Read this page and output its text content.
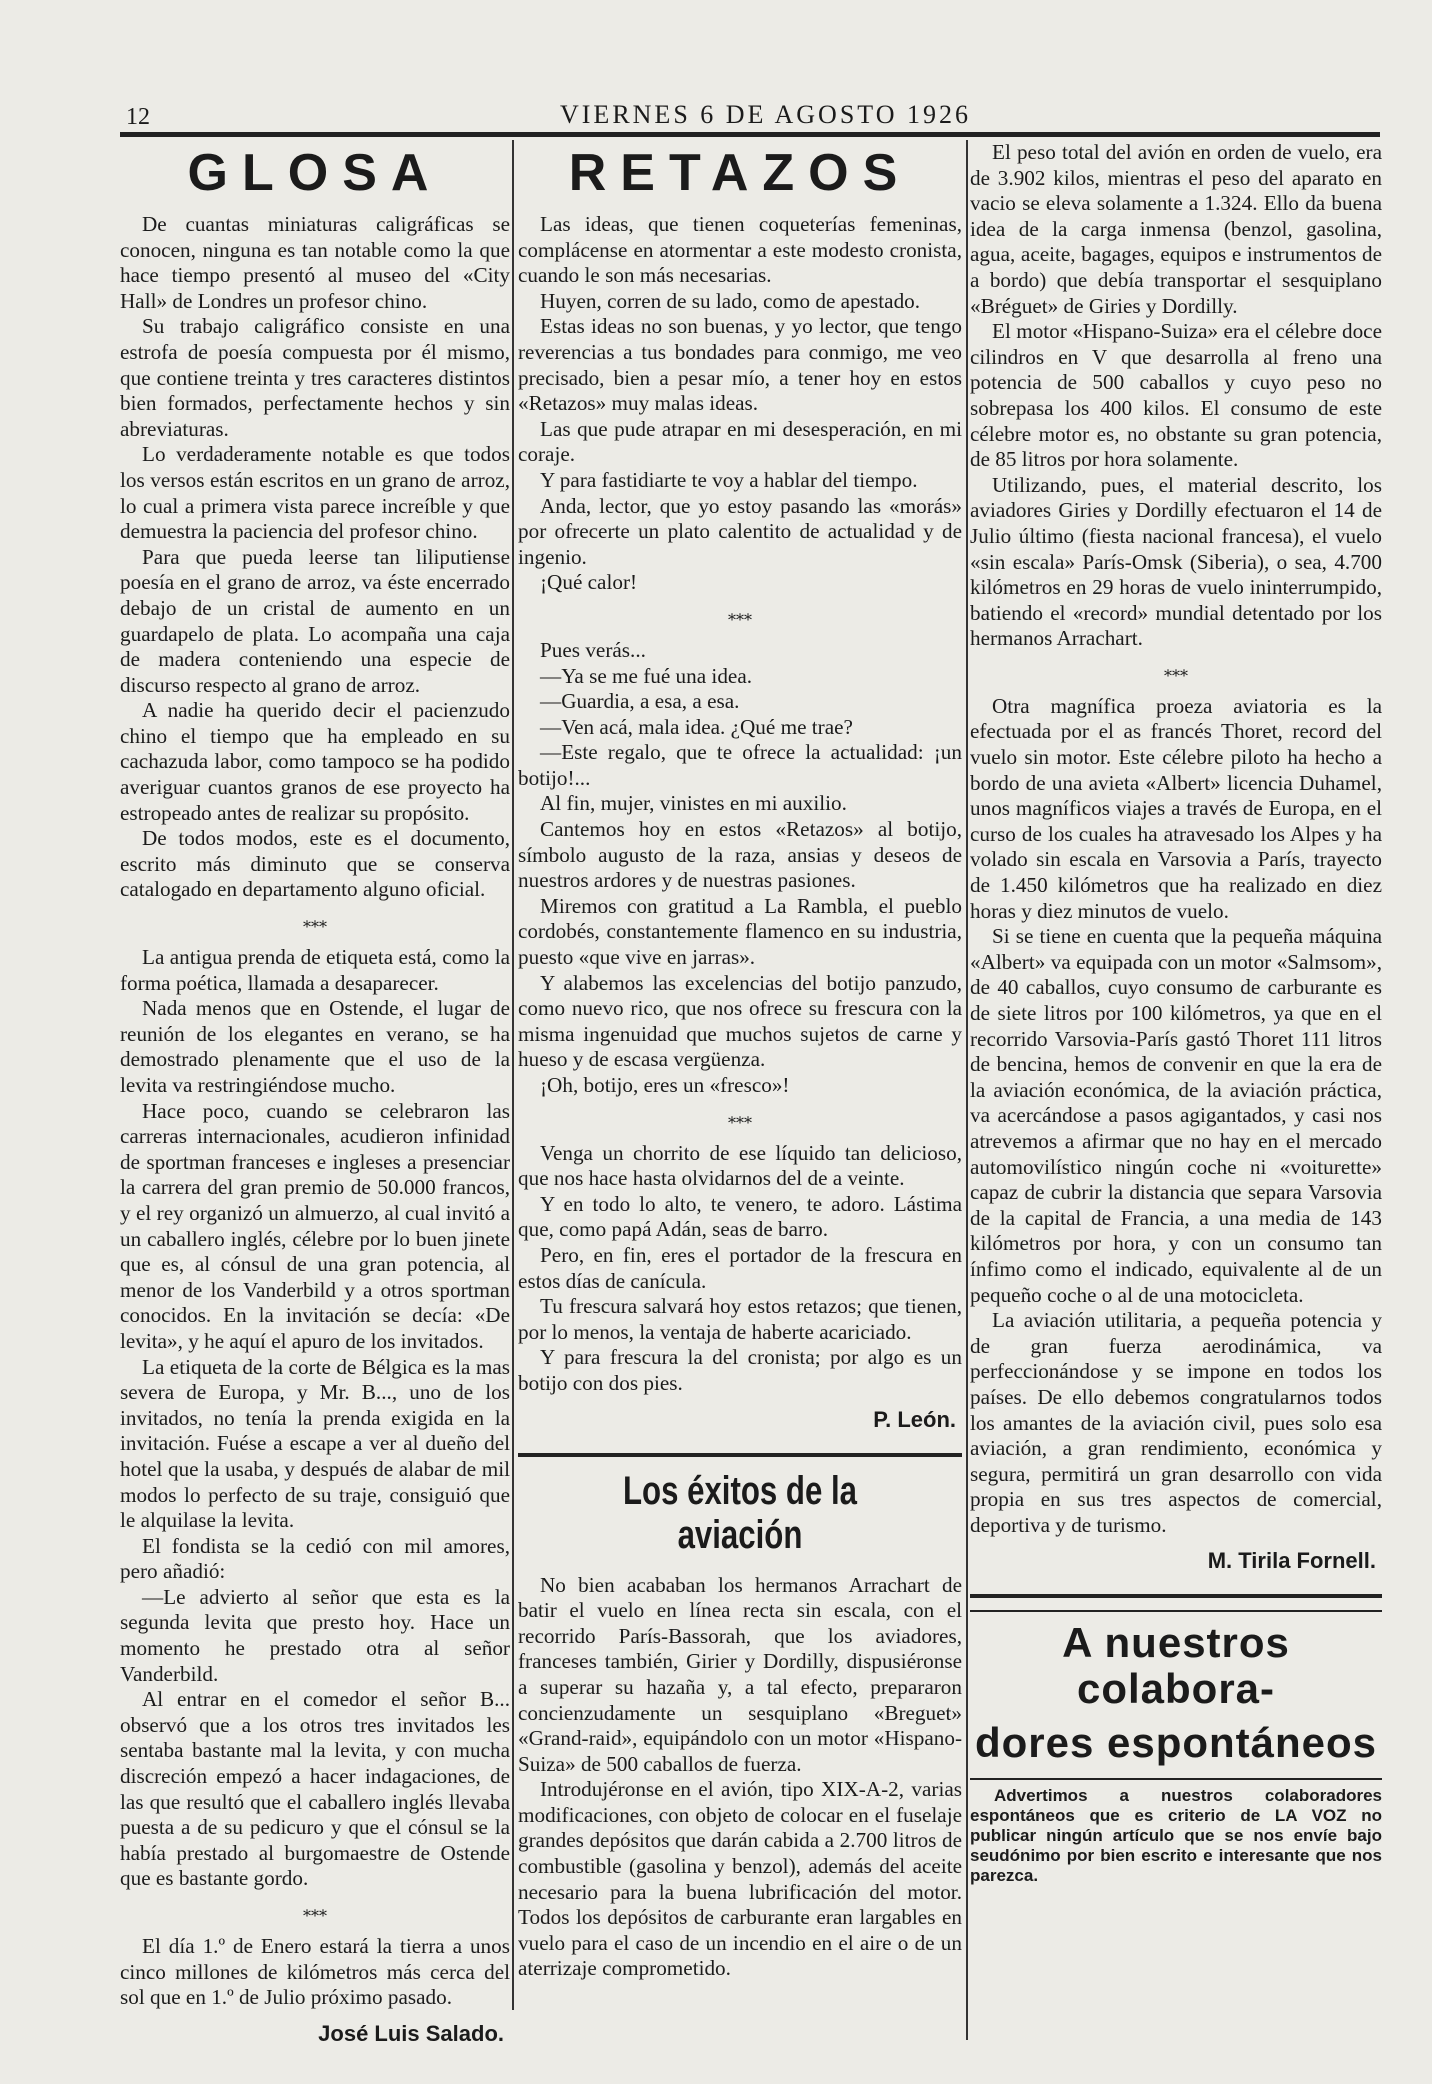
12	VIERNES 6 DE AGOSTO 1926
GLOSA

De cuantas miniaturas caligráficas se conocen, ninguna es tan notable como la que hace tiempo presentó al museo del «City Hall» de Londres un profesor chino.

Su trabajo caligráfico consiste en una estrofa de poesía compuesta por él mismo, que contiene treinta y tres caracteres distintos bien formados, perfectamente hechos y sin abreviaturas.

Lo verdaderamente notable es que todos los versos están escritos en un grano de arroz, lo cual a primera vista parece increíble y que demuestra la paciencia del profesor chino.

Para que pueda leerse tan liliputiense poesía en el grano de arroz, va éste encerrado debajo de un cristal de aumento en un guardapelo de plata. Lo acompaña una caja de madera conteniendo una especie de discurso respecto al grano de arroz.

A nadie ha querido decir el pacienzudo chino el tiempo que ha empleado en su cachazuda labor, como tampoco se ha podido averiguar cuantos granos de ese proyecto ha estropeado antes de realizar su propósito.

De todos modos, este es el documento, escrito más diminuto que se conserva catalogado en departamento alguno oficial.

⁎⁎⁎

La antigua prenda de etiqueta está, como la forma poética, llamada a desaparecer.

Nada menos que en Ostende, el lugar de reunión de los elegantes en verano, se ha demostrado plenamente que el uso de la levita va restringiéndose mucho.

Hace poco, cuando se celebraron las carreras internacionales, acudieron infinidad de sportman franceses e ingleses a presenciar la carrera del gran premio de 50.000 francos, y el rey organizó un almuerzo, al cual invitó a un caballero inglés, célebre por lo buen jinete que es, al cónsul de una gran potencia, al menor de los Vanderbild y a otros sportman conocidos. En la invitación se decía: «De levita», y he aquí el apuro de los invitados.

La etiqueta de la corte de Bélgica es la mas severa de Europa, y Mr. B..., uno de los invitados, no tenía la prenda exigida en la invitación. Fuése a escape a ver al dueño del hotel que la usaba, y después de alabar de mil modos lo perfecto de su traje, consiguió que le alquilase la levita.

El fondista se la cedió con mil amores, pero añadió:

—Le advierto al señor que esta es la segunda levita que presto hoy. Hace un momento he prestado otra al señor Vanderbild.

Al entrar en el comedor el señor B... observó que a los otros tres invitados les sentaba bastante mal la levita, y con mucha discreción empezó a hacer indagaciones, de las que resultó que el caballero inglés llevaba puesta a de su pedicuro y que el cónsul se la había prestado al burgomaestre de Ostende que es bastante gordo.

⁎⁎⁎

El día 1.º de Enero estará la tierra a unos cinco millones de kilómetros más cerca del sol que en 1.º de Julio próximo pasado.

José Luis Salado.
RETAZOS

Las ideas, que tienen coqueterías femeninas, complácense en atormentar a este modesto cronista, cuando le son más necesarias.

Huyen, corren de su lado, como de apestado.

Estas ideas no son buenas, y yo lector, que tengo reverencias a tus bondades para conmigo, me veo precisado, bien a pesar mío, a tener hoy en estos «Retazos» muy malas ideas.

Las que pude atrapar en mi desesperación, en mi coraje.

Y para fastidiarte te voy a hablar del tiempo.

Anda, lector, que yo estoy pasando las «morás» por ofrecerte un plato calentito de actualidad y de ingenio.

¡Qué calor!

⁎⁎⁎

Pues verás...

—Ya se me fué una idea.

—Guardia, a esa, a esa.

—Ven acá, mala idea. ¿Qué me trae?

—Este regalo, que te ofrece la actualidad: ¡un botijo!...

Al fin, mujer, vinistes en mi auxilio.

Cantemos hoy en estos «Retazos» al botijo, símbolo augusto de la raza, ansias y deseos de nuestros ardores y de nuestras pasiones.

Miremos con gratitud a La Rambla, el pueblo cordobés, constantemente flamenco en su industria, puesto «que vive en jarras».

Y alabemos las excelencias del botijo panzudo, como nuevo rico, que nos ofrece su frescura con la misma ingenuidad que muchos sujetos de carne y hueso y de escasa vergüenza.

¡Oh, botijo, eres un «fresco»!

⁎⁎⁎

Venga un chorrito de ese líquido tan delicioso, que nos hace hasta olvidarnos del de a veinte.

Y en todo lo alto, te venero, te adoro. Lástima que, como papá Adán, seas de barro.

Pero, en fin, eres el portador de la frescura en estos días de canícula.

Tu frescura salvará hoy estos retazos; que tienen, por lo menos, la ventaja de haberte acariciado.

Y para frescura la del cronista; por algo es un botijo con dos pies.

P. León.
Los éxitos de la aviación

No bien acababan los hermanos Arrachart de batir el vuelo en línea recta sin escala, con el recorrido París-Bassorah, que los aviadores, franceses también, Girier y Dordilly, dispusiéronse a superar su hazaña y, a tal efecto, prepararon concienzudamente un sesquiplano «Breguet» «Grand-raid», equipándolo con un motor «Hispano-Suiza» de 500 caballos de fuerza.

Introdujéronse en el avión, tipo XIX-A-2, varias modificaciones, con objeto de colocar en el fuselaje grandes depósitos que darán cabida a 2.700 litros de combustible (gasolina y benzol), además del aceite necesario para la buena lubrificación del motor. Todos los depósitos de carburante eran largables en vuelo para el caso de un incendio en el aire o de un aterrizaje comprometido.

El peso total del avión en orden de vuelo, era de 3.902 kilos, mientras el peso del aparato en vacio se eleva solamente a 1.324. Ello da buena idea de la carga inmensa (benzol, gasolina, agua, aceite, bagages, equipos e instrumentos de a bordo) que debía transportar el sesquiplano «Bréguet» de Giries y Dordilly.

El motor «Hispano-Suiza» era el célebre doce cilindros en V que desarrolla al freno una potencia de 500 caballos y cuyo peso no sobrepasa los 400 kilos. El consumo de este célebre motor es, no obstante su gran potencia, de 85 litros por hora solamente.

Utilizando, pues, el material descrito, los aviadores Giries y Dordilly efectuaron el 14 de Julio último (fiesta nacional francesa), el vuelo «sin escala» París-Omsk (Siberia), o sea, 4.700 kilómetros en 29 horas de vuelo ininterrumpido, batiendo el «record» mundial detentado por los hermanos Arrachart.

⁎⁎⁎

Otra magnífica proeza aviatoria es la efectuada por el as francés Thoret, record del vuelo sin motor. Este célebre piloto ha hecho a bordo de una avieta «Albert» licencia Duhamel, unos magníficos viajes a través de Europa, en el curso de los cuales ha atravesado los Alpes y ha volado sin escala en Varsovia a París, trayecto de 1.450 kilómetros que ha realizado en diez horas y diez minutos de vuelo.

Si se tiene en cuenta que la pequeña máquina «Albert» va equipada con un motor «Salmsom», de 40 caballos, cuyo consumo de carburante es de siete litros por 100 kilómetros, ya que en el recorrido Varsovia-París gastó Thoret 111 litros de bencina, hemos de convenir en que la era de la aviación económica, de la aviación práctica, va acercándose a pasos agigantados, y casi nos atrevemos a afirmar que no hay en el mercado automovilístico ningún coche ni «voiturette» capaz de cubrir la distancia que separa Varsovia de la capital de Francia, a una media de 143 kilómetros por hora, y con un consumo tan ínfimo como el indicado, equivalente al de un pequeño coche o al de una motocicleta.

La aviación utilitaria, a pequeña potencia y de gran fuerza aerodinámica, va perfeccionándose y se impone en todos los países. De ello debemos congratularnos todos los amantes de la aviación civil, pues solo esa aviación, a gran rendimiento, económica y segura, permitirá un gran desarrollo con vida propia en sus tres aspectos de comercial, deportiva y de turismo.

M. Tirila Fornell.
A nuestros colabora-
dores espontáneos

Advertimos a nuestros colaboradores espontáneos que es criterio de LA VOZ no publicar ningún artículo que se nos envíe bajo seudónimo por bien escrito e interesante que nos parezca.
